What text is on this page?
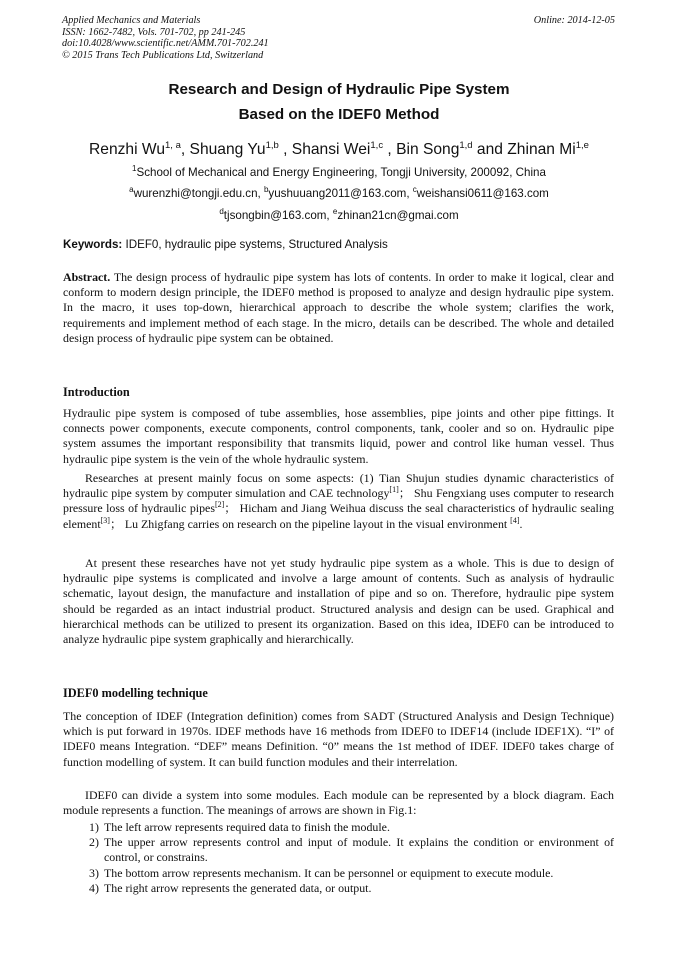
Applied Mechanics and Materials
ISSN: 1662-7482, Vols. 701-702, pp 241-245
doi:10.4028/www.scientific.net/AMM.701-702.241
© 2015 Trans Tech Publications Ltd, Switzerland
Online: 2014-12-05
Research and Design of Hydraulic Pipe System
Based on the IDEF0 Method
Renzhi Wu$^{1, a}$, Shuang Yu$^{1,b}$ , Shansi Wei$^{1,c}$ , Bin Song$^{1,d}$ and Zhinan Mi$^{1,e}$
$^1$School of Mechanical and Energy Engineering, Tongji University, 200092, China
$^a$wurenzhi@tongji.edu.cn, $^b$yushuuang2011@163.com, $^c$weishansi0611@163.com
$^d$tjsongbin@163.com, $^e$zhinan21cn@gmai.com
Keywords: IDEF0, hydraulic pipe systems, Structured Analysis
Abstract. The design process of hydraulic pipe system has lots of contents. In order to make it logical, clear and conform to modern design principle, the IDEF0 method is proposed to analyze and design hydraulic pipe system. In the macro, it uses top-down, hierarchical approach to describe the whole system; clarifies the work, requirements and implement method of each stage. In the micro, details can be described. The whole and detailed design process of hydraulic pipe system can be obtained.
Introduction
Hydraulic pipe system is composed of tube assemblies, hose assemblies, pipe joints and other pipe fittings. It connects power components, execute components, control components, tank, cooler and so on. Hydraulic pipe system assumes the important responsibility that transmits liquid, power and control like human vessel. Thus hydraulic pipe system is the vein of the whole hydraulic system.
Researches at present mainly focus on some aspects: (1) Tian Shujun studies dynamic characteristics of hydraulic pipe system by computer simulation and CAE technology[1]； Shu Fengxiang uses computer to research pressure loss of hydraulic pipes[2]； Hicham and Jiang Weihua discuss the seal characteristics of hydraulic sealing element[3]； Lu Zhigfang carries on research on the pipeline layout in the visual environment [4].
At present these researches have not yet study hydraulic pipe system as a whole. This is due to design of hydraulic pipe systems is complicated and involve a large amount of contents. Such as analysis of hydraulic schematic, layout design, the manufacture and installation of pipe and so on. Therefore, hydraulic pipe system should be regarded as an intact industrial product. Structured analysis and design can be used. Graphical and hierarchical methods can be utilized to present its organization. Based on this idea, IDEF0 can be introduced to analyze hydraulic pipe system graphically and hierarchically.
IDEF0 modelling technique
The conception of IDEF (Integration definition) comes from SADT (Structured Analysis and Design Technique) which is put forward in 1970s. IDEF methods have 16 methods from IDEF0 to IDEF14 (include IDEF1X). “I” of IDEF0 means Integration. “DEF” means Definition. “0” means the 1st method of IDEF. IDEF0 takes charge of function modelling of system. It can build function modules and their interrelation.
IDEF0 can divide a system into some modules. Each module can be represented by a block diagram. Each module represents a function. The meanings of arrows are shown in Fig.1:
1) The left arrow represents required data to finish the module.
2) The upper arrow represents control and input of module. It explains the condition or environment of control, or constrains.
3) The bottom arrow represents mechanism. It can be personnel or equipment to execute module.
4) The right arrow represents the generated data, or output.
